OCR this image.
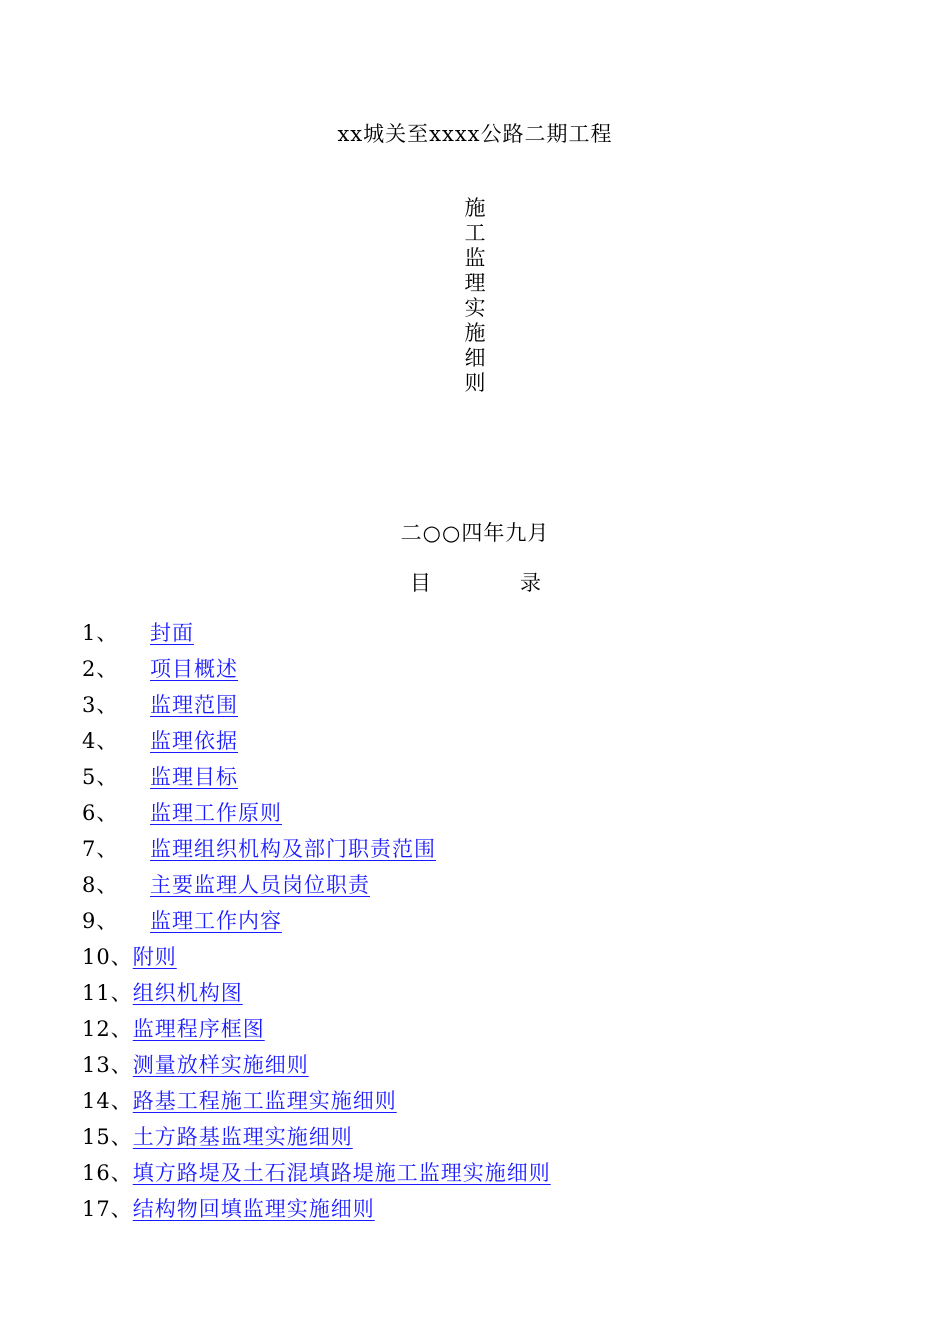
xx城关至xxxx公路二期工程
施
工
监
理
实
施
细
则
二○○四年九月
目	录
1、 封面
2、 项目概述
3、 监理范围
4、 监理依据
5、 监理目标
6、 监理工作原则
7、 监理组织机构及部门职责范围
8、 主要监理人员岗位职责
9、 监理工作内容
10、附则
11、组织机构图
12、监理程序框图
13、测量放样实施细则
14、路基工程施工监理实施细则
15、土方路基监理实施细则
16、填方路堤及土石混填路堤施工监理实施细则
17、结构物回填监理实施细则
